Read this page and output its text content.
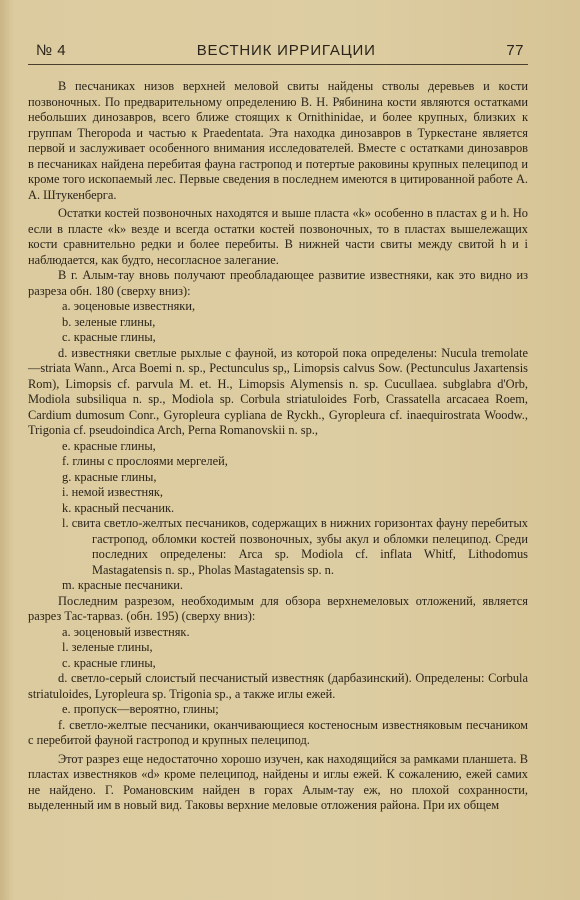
№ 4	ВЕСТНИК ИРРИГАЦИИ	77

В песчаниках низов верхней меловой свиты найдены стволы деревьев и кости позвоночных. По предварительному определению В. Н. Рябинина кости являются остатками небольших динозавров, всего ближе стоящих к Ornithinidae, и более крупных, близких к группам Theropoda и частью к Praedentata. Эта находка динозавров в Туркестане является первой и заслуживает особенного внимания исследователей. Вместе с остатками динозавров в песчаниках найдена перебитая фауна гастропод и потертые раковины крупных пелеципод и кроме того ископаемый лес. Первые сведения в последнем имеются в цитированной работе А. А. Штукенберга.

Остатки костей позвоночных находятся и выше пласта «k» особенно в пластах g и h. Но если в пласте «k» везде и всегда остатки костей позвоночных, то в пластах вышележащих кости сравнительно редки и более перебиты. В нижней части свиты между свитой h и i наблюдается, как будто, несогласное залегание.

В г. Алым-тау вновь получают преобладающее развитие известняки, как это видно из разреза обн. 180 (сверху вниз):

a. эоценовые известняки,

b. зеленые глины,

c. красные глины,

d. известняки светлые рыхлые с фауной, из которой пока определены: Nucula tremolate—striata Wann., Arca Boemi n. sp., Pectunculus sp,, Limopsis calvus Sow. (Pectunculus Jaxartensis Rom), Limopsis cf. parvula M. et. H., Limopsis Alymensis n. sp. Cucullaea. subglabra d'Orb, Modiola subsiliqua n. sp., Modiola sp. Corbula striatuloides Forb, Crassatella arcacaea Roem, Cardium dumosum Conr., Gyropleura cypliana de Ryckh., Gyropleura cf. inaequirostrata Woodw., Trigonia cf. pseudoindica Arch, Perna Romanovskii n. sp.,

e. красные глины,

f. глины с прослоями мергелей,

g. красные глины,

i. немой известняк,

k. красный песчаник.

l. свита светло-желтых песчаников, содержащих в нижних горизонтах фауну перебитых гастропод, обломки костей позвоночных, зубы акул и обломки пелеципод. Среди последних определены: Arca sp. Modiola cf. inflata Whitf, Lithodomus Mastagatensis n. sp., Pholas Mastagatensis sp. n.

m. красные песчаники.

Последним разрезом, необходимым для обзора верхнемеловых отложений, является разрез Тас-тарваз. (обн. 195) (сверху вниз):

a. эоценовый известняк.

l. зеленые глины,

c. красные глины,

d. светло-серый слоистый песчанистый известняк (дарбазинский). Определены: Corbula striatuloides, Lyropleura sp. Trigonia sp., а также иглы ежей.

e. пропуск—вероятно, глины;

f. светло-желтые песчаники, оканчивающиеся костеносным известняковым песчаником с перебитой фауной гастропод и крупных пелеципод.

Этот разрез еще недостаточно хорошо изучен, как находящийся за рамками планшета. В пластах известняков «d» кроме пелеципод, найдены и иглы ежей. К сожалению, ежей самих не найдено. Г. Романовским найден в горах Алым-тау еж, но плохой сохранности, выделенный им в новый вид. Таковы верхние меловые отложения района. При их общем
